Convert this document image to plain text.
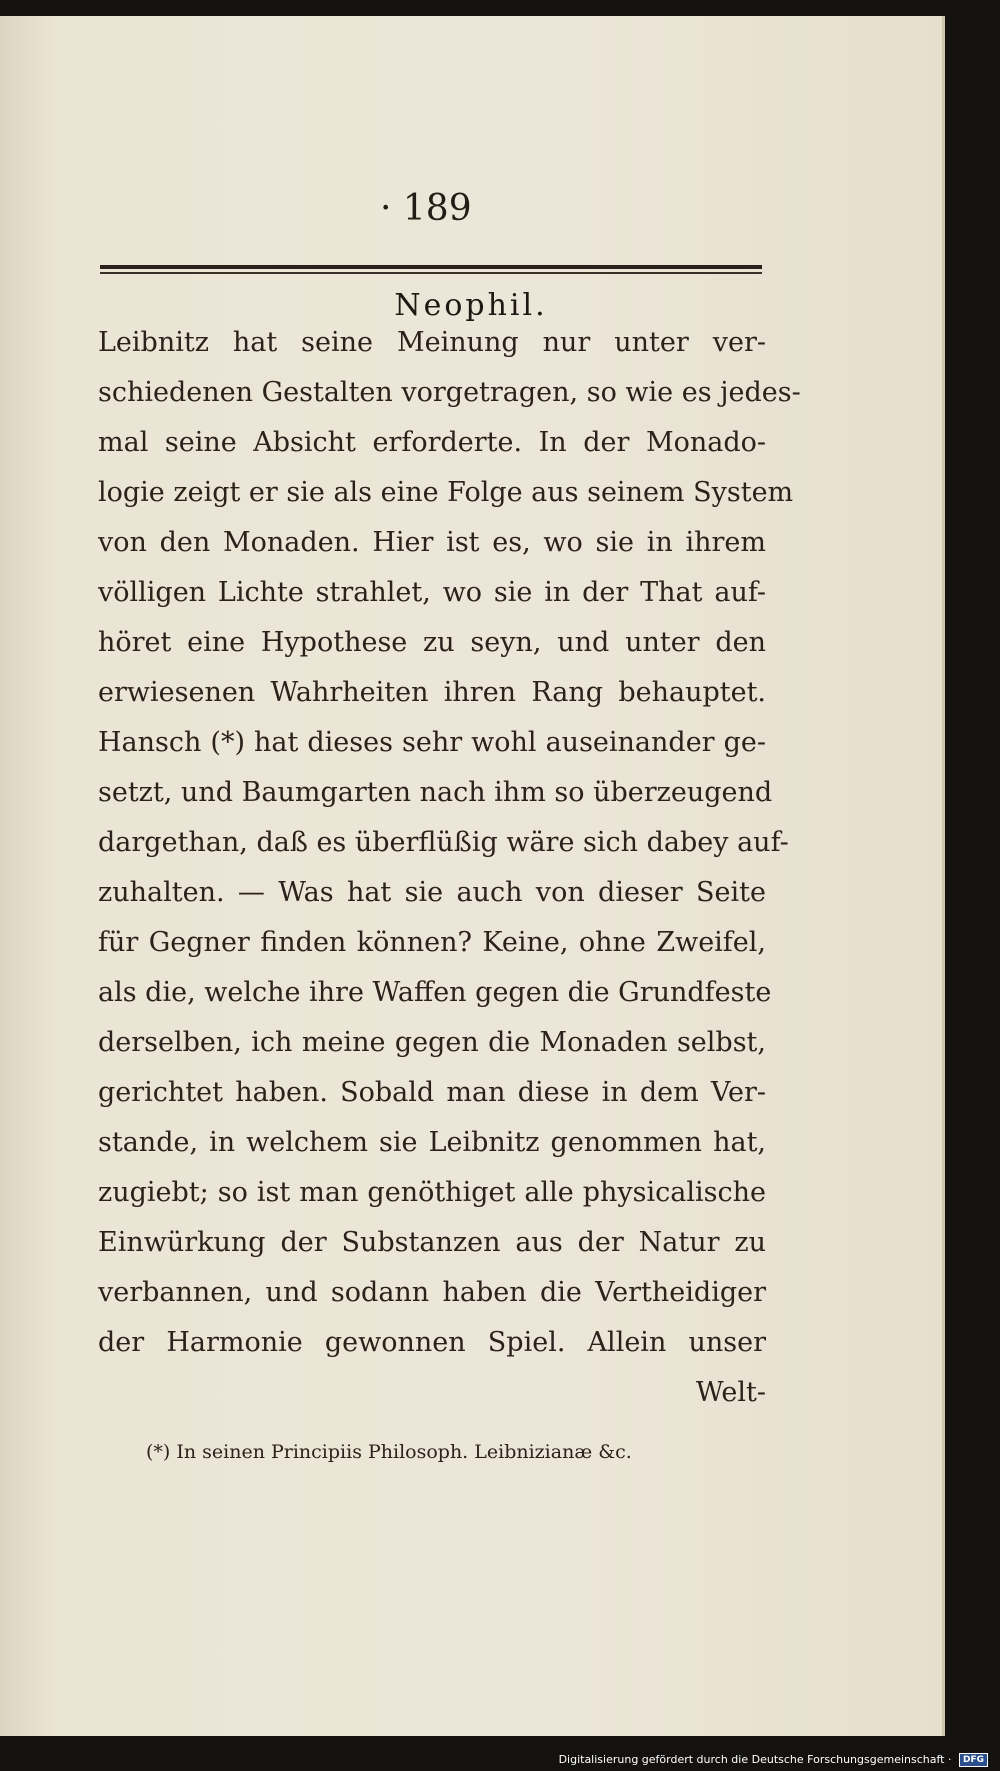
· 189
Neophil.
Leibnitz hat seine Meinung nur unter ver-
schiedenen Gestalten vorgetragen, so wie es jedes-
mal seine Absicht erforderte. In der Monado-
logie zeigt er sie als eine Folge aus seinem System
von den Monaden. Hier ist es, wo sie in ihrem
völligen Lichte strahlet, wo sie in der That auf-
höret eine Hypothese zu seyn, und unter den
erwiesenen Wahrheiten ihren Rang behauptet.
Hansch (*) hat dieses sehr wohl auseinander ge-
setzt, und Baumgarten nach ihm so überzeugend
dargethan, daß es überflüßig wäre sich dabey auf-
zuhalten. — Was hat sie auch von dieser Seite
für Gegner finden können? Keine, ohne Zweifel,
als die, welche ihre Waffen gegen die Grundfeste
derselben, ich meine gegen die Monaden selbst,
gerichtet haben. Sobald man diese in dem Ver-
stande, in welchem sie Leibnitz genommen hat,
zugiebt; so ist man genöthiget alle physicalische
Einwürkung der Substanzen aus der Natur zu
verbannen, und sodann haben die Vertheidiger
der Harmonie gewonnen Spiel. Allein unser
Welt-
(*) In seinen Principiis Philosoph. Leibnizianæ &c.
Digitalisierung gefördert durch die Deutsche Forschungsgemeinschaft · DFG
